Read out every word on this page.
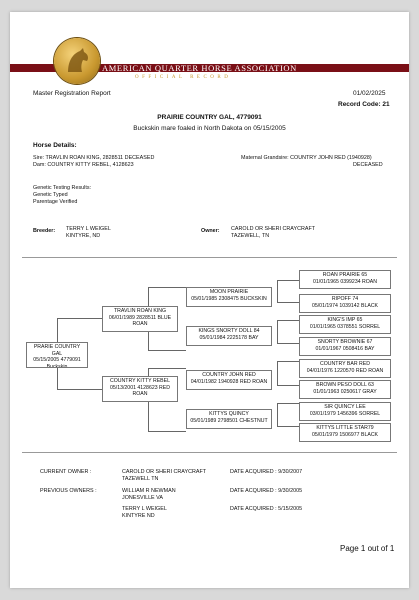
AMERICAN QUARTER HORSE ASSOCIATION
OFFICIAL RECORD
Master Registration Report	01/02/2025
Record Code: 21
PRAIRIE COUNTRY GAL, 4779091
Buckskin mare foaled in North Dakota on 05/15/2005
Horse Details:
Sire: TRAVLIN ROAN KING, 2828511 DECEASED
Dam: COUNTRY KITTY REBEL, 4128623
Maternal Grandsire: COUNTRY JOHN RED (1940928)
DECEASED
Genetic Testing Results:
Genetic Typed
Parentage Verified
Breeder: TERRY L WEIGEL
KINTYRE, ND
Owner: CAROLD OR SHERI CRAYCRAFT
TAZEWELL, TN
PRARIE COUNTRY GAL
05/15/2005 4779091
Buckskin
TRAVLIN ROAN KING
06/01/1989 2828511 BLUE
ROAN
COUNTRY KITTY REBEL
05/13/2001 4128623 RED
ROAN
MOON PRAIRIE
05/01/1985 2308475 BUCKSKIN
KINGS SNORTY DOLL 84
05/01/1984 2225178 BAY
COUNTRY JOHN RED
04/01/1982 1940928 RED ROAN
KITTYS QUINCY
05/01/1989 2798501 CHESTNUT
ROAN PRAIRIE 65
01/01/1965 0399234 ROAN
RIPOFF 74
05/01/1974 1039142 BLACK
KING'S IMP 65
01/01/1965 0378551 SORREL
SNORTY BROWNIE 67
01/01/1967 0508416 BAY
COUNTRY BAR RED
04/01/1976 1220570 RED ROAN
BROWN PESO DOLL 63
01/01/1963 0250617 GRAY
SIR QUINCY LEE
03/01/1979 1456396 SORREL
KITTYS LITTLE STAR79
05/01/1979 1506977 BLACK
CURRENT OWNER :	CAROLD OR SHERI CRAYCRAFT
TAZEWELL TN
DATE ACQUIRED : 9/30/2007
PREVIOUS OWNERS :	WILLIAM R NEWMAN
JONESVILLE VA
DATE ACQUIRED : 9/30/2005
TERRY L WEIGEL
KINTYRE ND
DATE ACQUIRED : 5/15/2005
Page 1 out of 1
